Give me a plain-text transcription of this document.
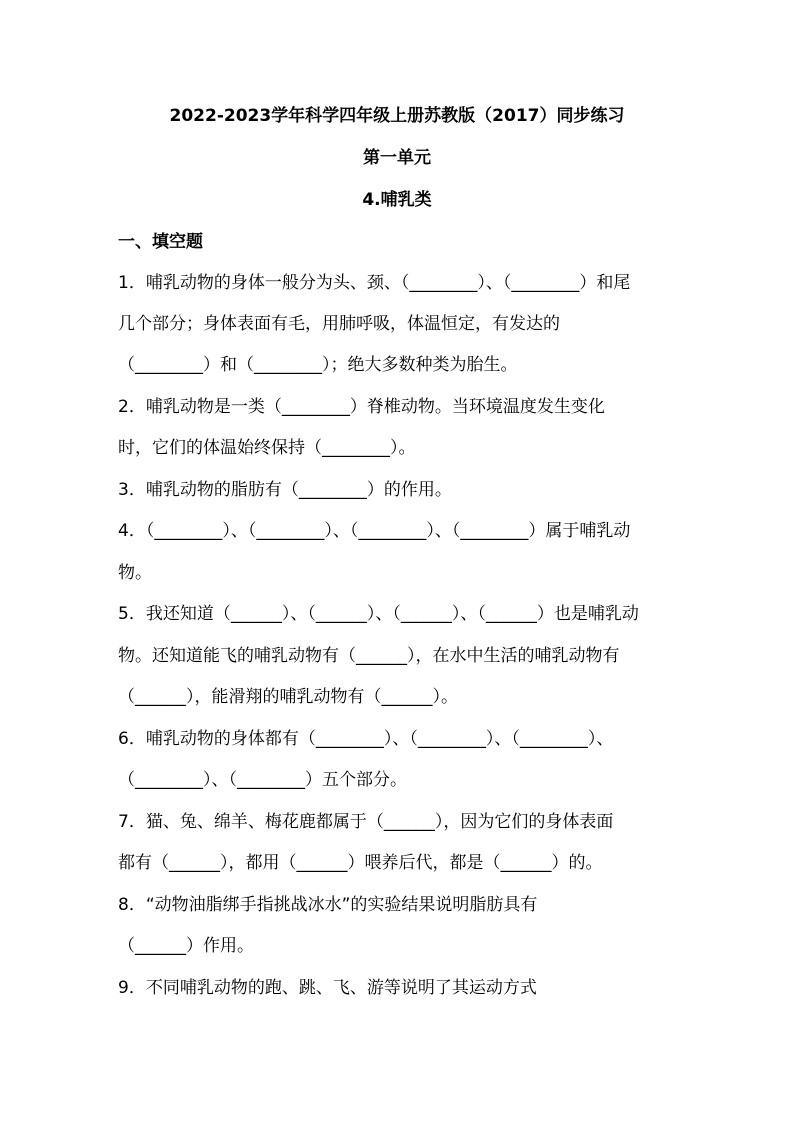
2022-2023学年科学四年级上册苏教版（2017）同步练习
第一单元
4.哺乳类
一、填空题
1．哺乳动物的身体一般分为头、颈、（________）、（________）和尾
几个部分；身体表面有毛，用肺呼吸，体温恒定，有发达的
（________）和（________）；绝大多数种类为胎生。
2．哺乳动物是一类（________）脊椎动物。当环境温度发生变化
时，它们的体温始终保持（________）。
3．哺乳动物的脂肪有（________）的作用。
4．（________）、（________）、（________）、（________）属于哺乳动
物。
5．我还知道（______）、（______）、（______）、（______）也是哺乳动
物。还知道能飞的哺乳动物有（______），在水中生活的哺乳动物有
（______），能滑翔的哺乳动物有（______）。
6．哺乳动物的身体都有（________）、（________）、（________）、
（________）、（________）五个部分。
7．猫、兔、绵羊、梅花鹿都属于（______），因为它们的身体表面
都有（______），都用（______）喂养后代，都是（______）的。
8．“动物油脂绑手指挑战冰水”的实验结果说明脂肪具有
（______）作用。
9．不同哺乳动物的跑、跳、飞、游等说明了其运动方式
